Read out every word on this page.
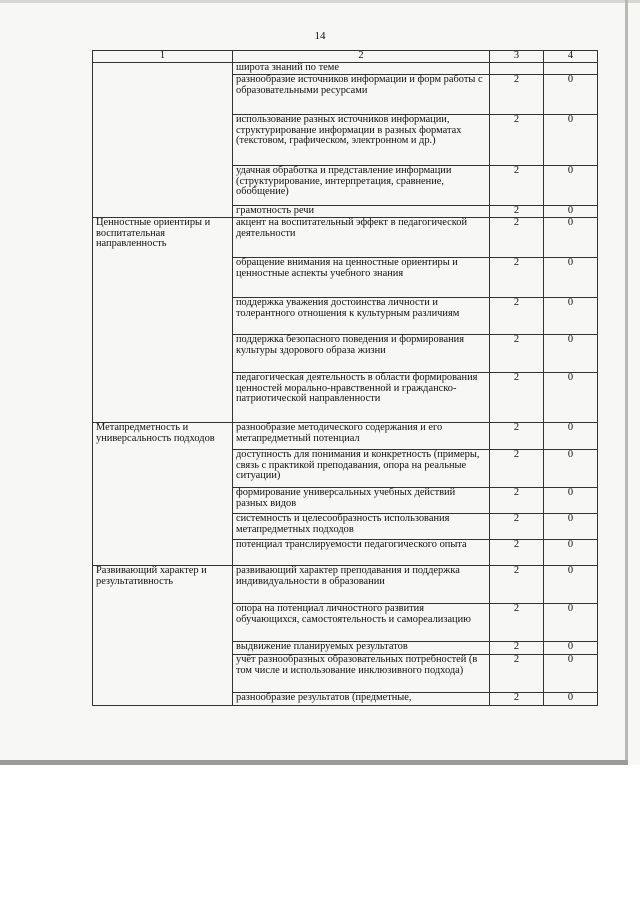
14
1	2	3	4
	широта знаний по теме		
	разнообразие источников информации и форм работы с образовательными ресурсами	2	0
	использование разных источников информации, структурирование информации в разных форматах (текстовом, графическом, электронном и др.)	2	0
	удачная обработка и представление информации (структурирование, интерпретация, сравнение, обобщение)	2	0
	грамотность речи	2	0
Ценностные ориентиры и воспитательная направленность	акцент на воспитательный эффект в педагогической деятельности	2	0
	обращение внимания на ценностные ориентиры и ценностные аспекты учебного знания	2	0
	поддержка уважения достоинства личности и толерантного отношения к культурным различиям	2	0
	поддержка безопасного поведения и формирования культуры здорового образа жизни	2	0
	педагогическая деятельность в области формирования ценностей морально-нравственной и гражданско-патриотической направленности	2	0
Метапредметность и универсальность подходов	разнообразие методического содержания и его метапредметный потенциал	2	0
	доступность для понимания и конкретность (примеры, связь с практикой преподавания, опора на реальные ситуации)	2	0
	формирование универсальных учебных действий разных видов	2	0
	системность и целесообразность использования метапредметных подходов	2	0
	потенциал транслируемости педагогического опыта	2	0
Развивающий характер и результативность	развивающий характер преподавания и поддержка индивидуальности в образовании	2	0
	опора на потенциал личностного развития обучающихся, самостоятельность и самореализацию	2	0
	выдвижение планируемых результатов	2	0
	учёт разнообразных образовательных потребностей (в том числе и использование инклюзивного подхода)	2	0
	разнообразие результатов (предметные,	2	0
